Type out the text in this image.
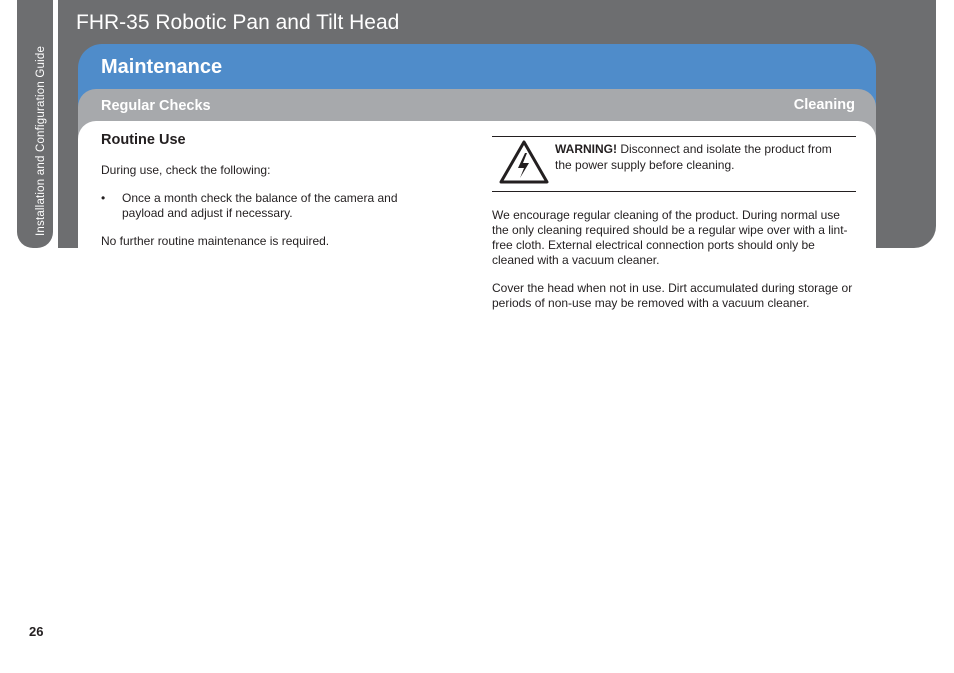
Installation and Configuration Guide
FHR-35 Robotic Pan and Tilt Head
Maintenance
Regular Checks	Cleaning
Routine Use

During use, check the following:

• Once a month check the balance of the camera and payload and adjust if necessary.

No further routine maintenance is required.

WARNING! Disconnect and isolate the product from the power supply before cleaning.

We encourage regular cleaning of the product. During normal use the only cleaning required should be a regular wipe over with a lint-free cloth. External electrical connection ports should only be cleaned with a vacuum cleaner.

Cover the head when not in use. Dirt accumulated during storage or periods of non-use may be removed with a vacuum cleaner.

26
